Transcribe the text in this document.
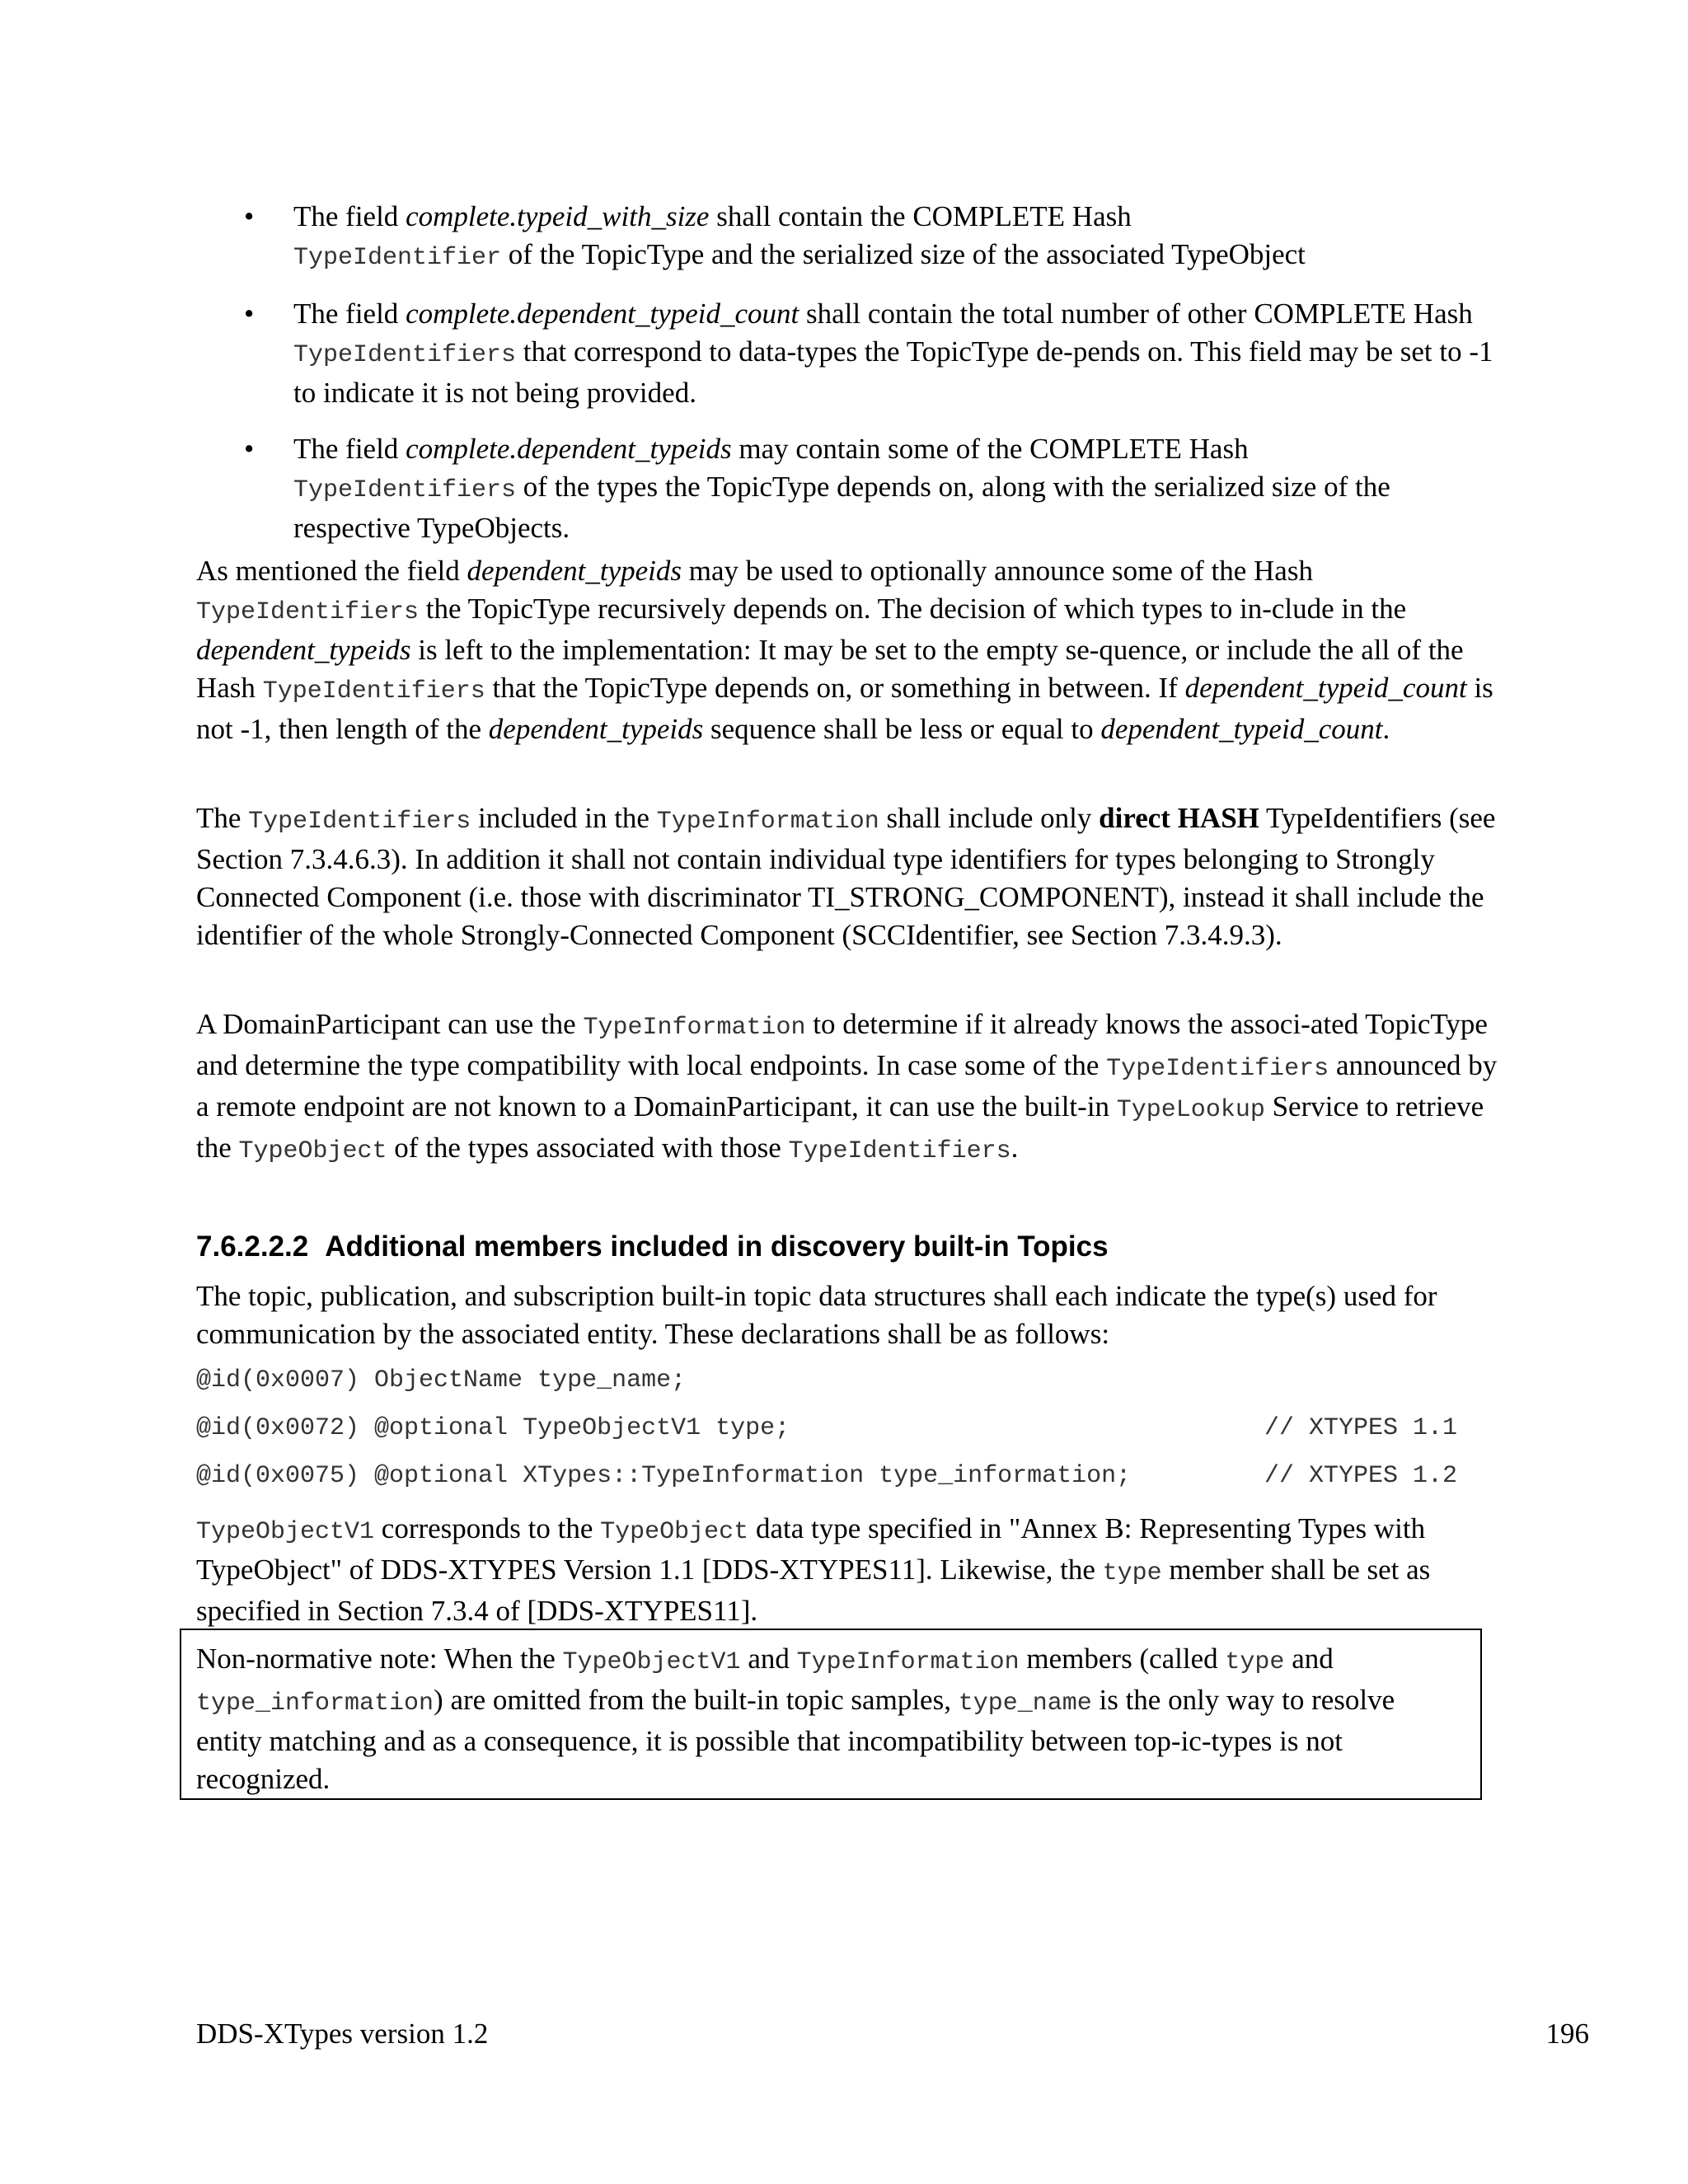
• The field complete.typeid_with_size shall contain the COMPLETE Hash
TypeIdentifier of the TopicType and the serialized size of the associated TypeObject
• The field complete.dependent_typeid_count shall contain the total number of other COMPLETE Hash TypeIdentifiers that correspond to data-types the TopicType de-pends on. This field may be set to -1 to indicate it is not being provided.
• The field complete.dependent_typeids may contain some of the COMPLETE Hash
TypeIdentifiers of the types the TopicType depends on, along with the serialized size of the respective TypeObjects.

As mentioned the field dependent_typeids may be used to optionally announce some of the Hash
TypeIdentifiers the TopicType recursively depends on. The decision of which types to in-clude in the dependent_typeids is left to the implementation: It may be set to the empty se-quence, or include the all of the Hash TypeIdentifiers that the TopicType depends on, or something in between. If dependent_typeid_count is not -1, then length of the dependent_typeids sequence shall be less or equal to dependent_typeid_count.

The TypeIdentifiers included in the TypeInformation shall include only direct HASH TypeIdentifiers (see Section 7.3.4.6.3). In addition it shall not contain individual type identifiers for types belonging to Strongly Connected Component (i.e. those with discriminator TI_STRONG_COMPONENT), instead it shall include the identifier of the whole Strongly-Connected Component (SCCIdentifier, see Section 7.3.4.9.3).

A DomainParticipant can use the TypeInformation to determine if it already knows the associ-ated TopicType and determine the type compatibility with local endpoints. In case some of the TypeIdentifiers announced by a remote endpoint are not known to a DomainParticipant, it can use the built-in TypeLookup Service to retrieve the TypeObject of the types associated with those TypeIdentifiers.

7.6.2.2.2 Additional members included in discovery built-in Topics

The topic, publication, and subscription built-in topic data structures shall each indicate the type(s) used for communication by the associated entity. These declarations shall be as follows:

@id(0x0007) ObjectName type_name;
@id(0x0072) @optional TypeObjectV1 type;	// XTYPES 1.1
@id(0x0075) @optional XTypes::TypeInformation type_information;	// XTYPES 1.2

TypeObjectV1 corresponds to the TypeObject data type specified in "Annex B: Representing Types with TypeObject" of DDS-XTYPES Version 1.1 [DDS-XTYPES11]. Likewise, the type member shall be set as specified in Section 7.3.4 of [DDS-XTYPES11].

Non-normative note: When the TypeObjectV1 and TypeInformation members (called type and type_information) are omitted from the built-in topic samples, type_name is the only way to resolve entity matching and as a consequence, it is possible that incompatibility between top-ic-types is not recognized.
DDS-XTypes version 1.2	196
